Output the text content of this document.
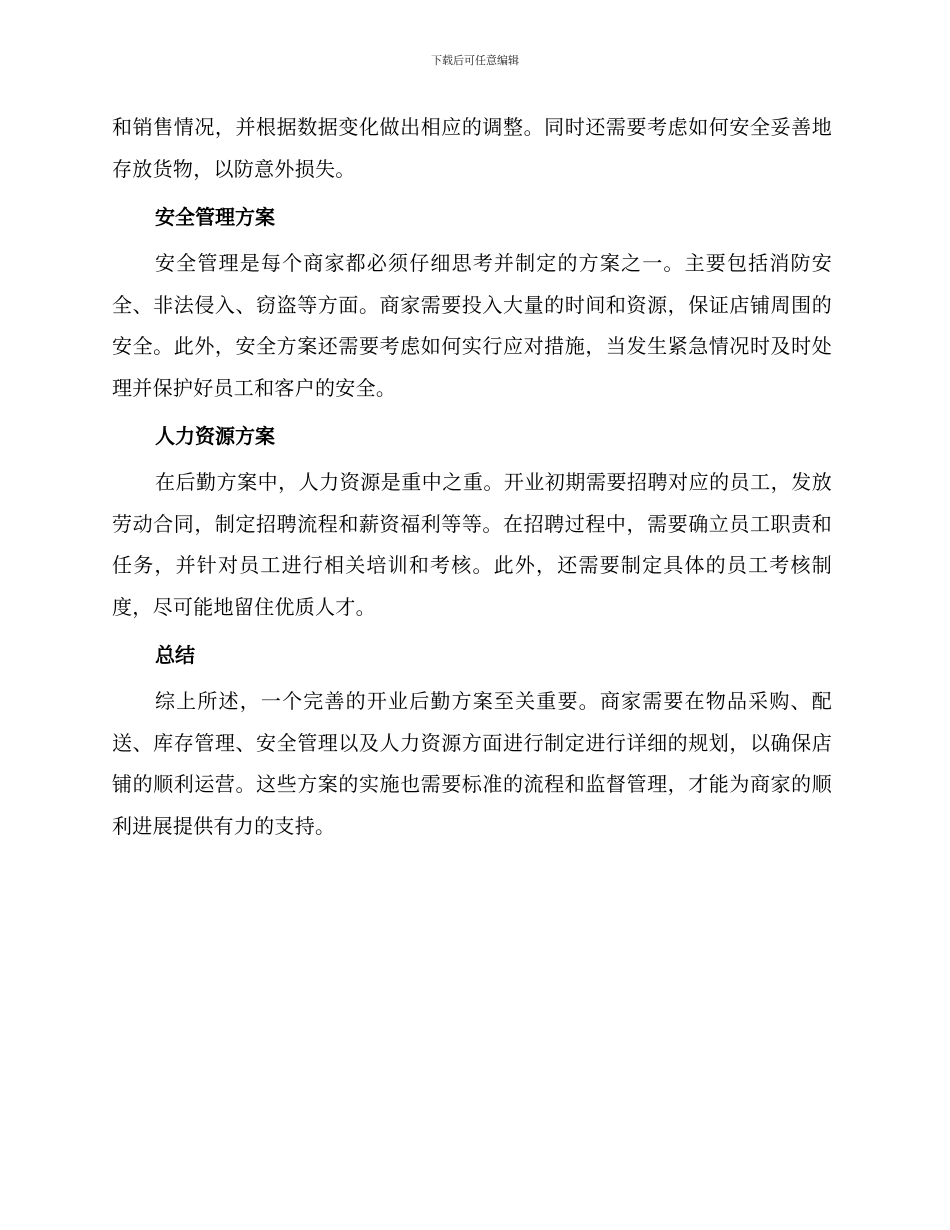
下载后可任意编辑

和销售情况，并根据数据变化做出相应的调整。同时还需要考虑如何安全妥善地存放货物，以防意外损失。

安全管理方案

安全管理是每个商家都必须仔细思考并制定的方案之一。主要包括消防安全、非法侵入、窃盗等方面。商家需要投入大量的时间和资源，保证店铺周围的安全。此外，安全方案还需要考虑如何实行应对措施，当发生紧急情况时及时处理并保护好员工和客户的安全。

人力资源方案

在后勤方案中，人力资源是重中之重。开业初期需要招聘对应的员工，发放劳动合同，制定招聘流程和薪资福利等等。在招聘过程中，需要确立员工职责和任务，并针对员工进行相关培训和考核。此外，还需要制定具体的员工考核制度，尽可能地留住优质人才。

总结

综上所述，一个完善的开业后勤方案至关重要。商家需要在物品采购、配送、库存管理、安全管理以及人力资源方面进行制定进行详细的规划，以确保店铺的顺利运营。这些方案的实施也需要标准的流程和监督管理，才能为商家的顺利进展提供有力的支持。
